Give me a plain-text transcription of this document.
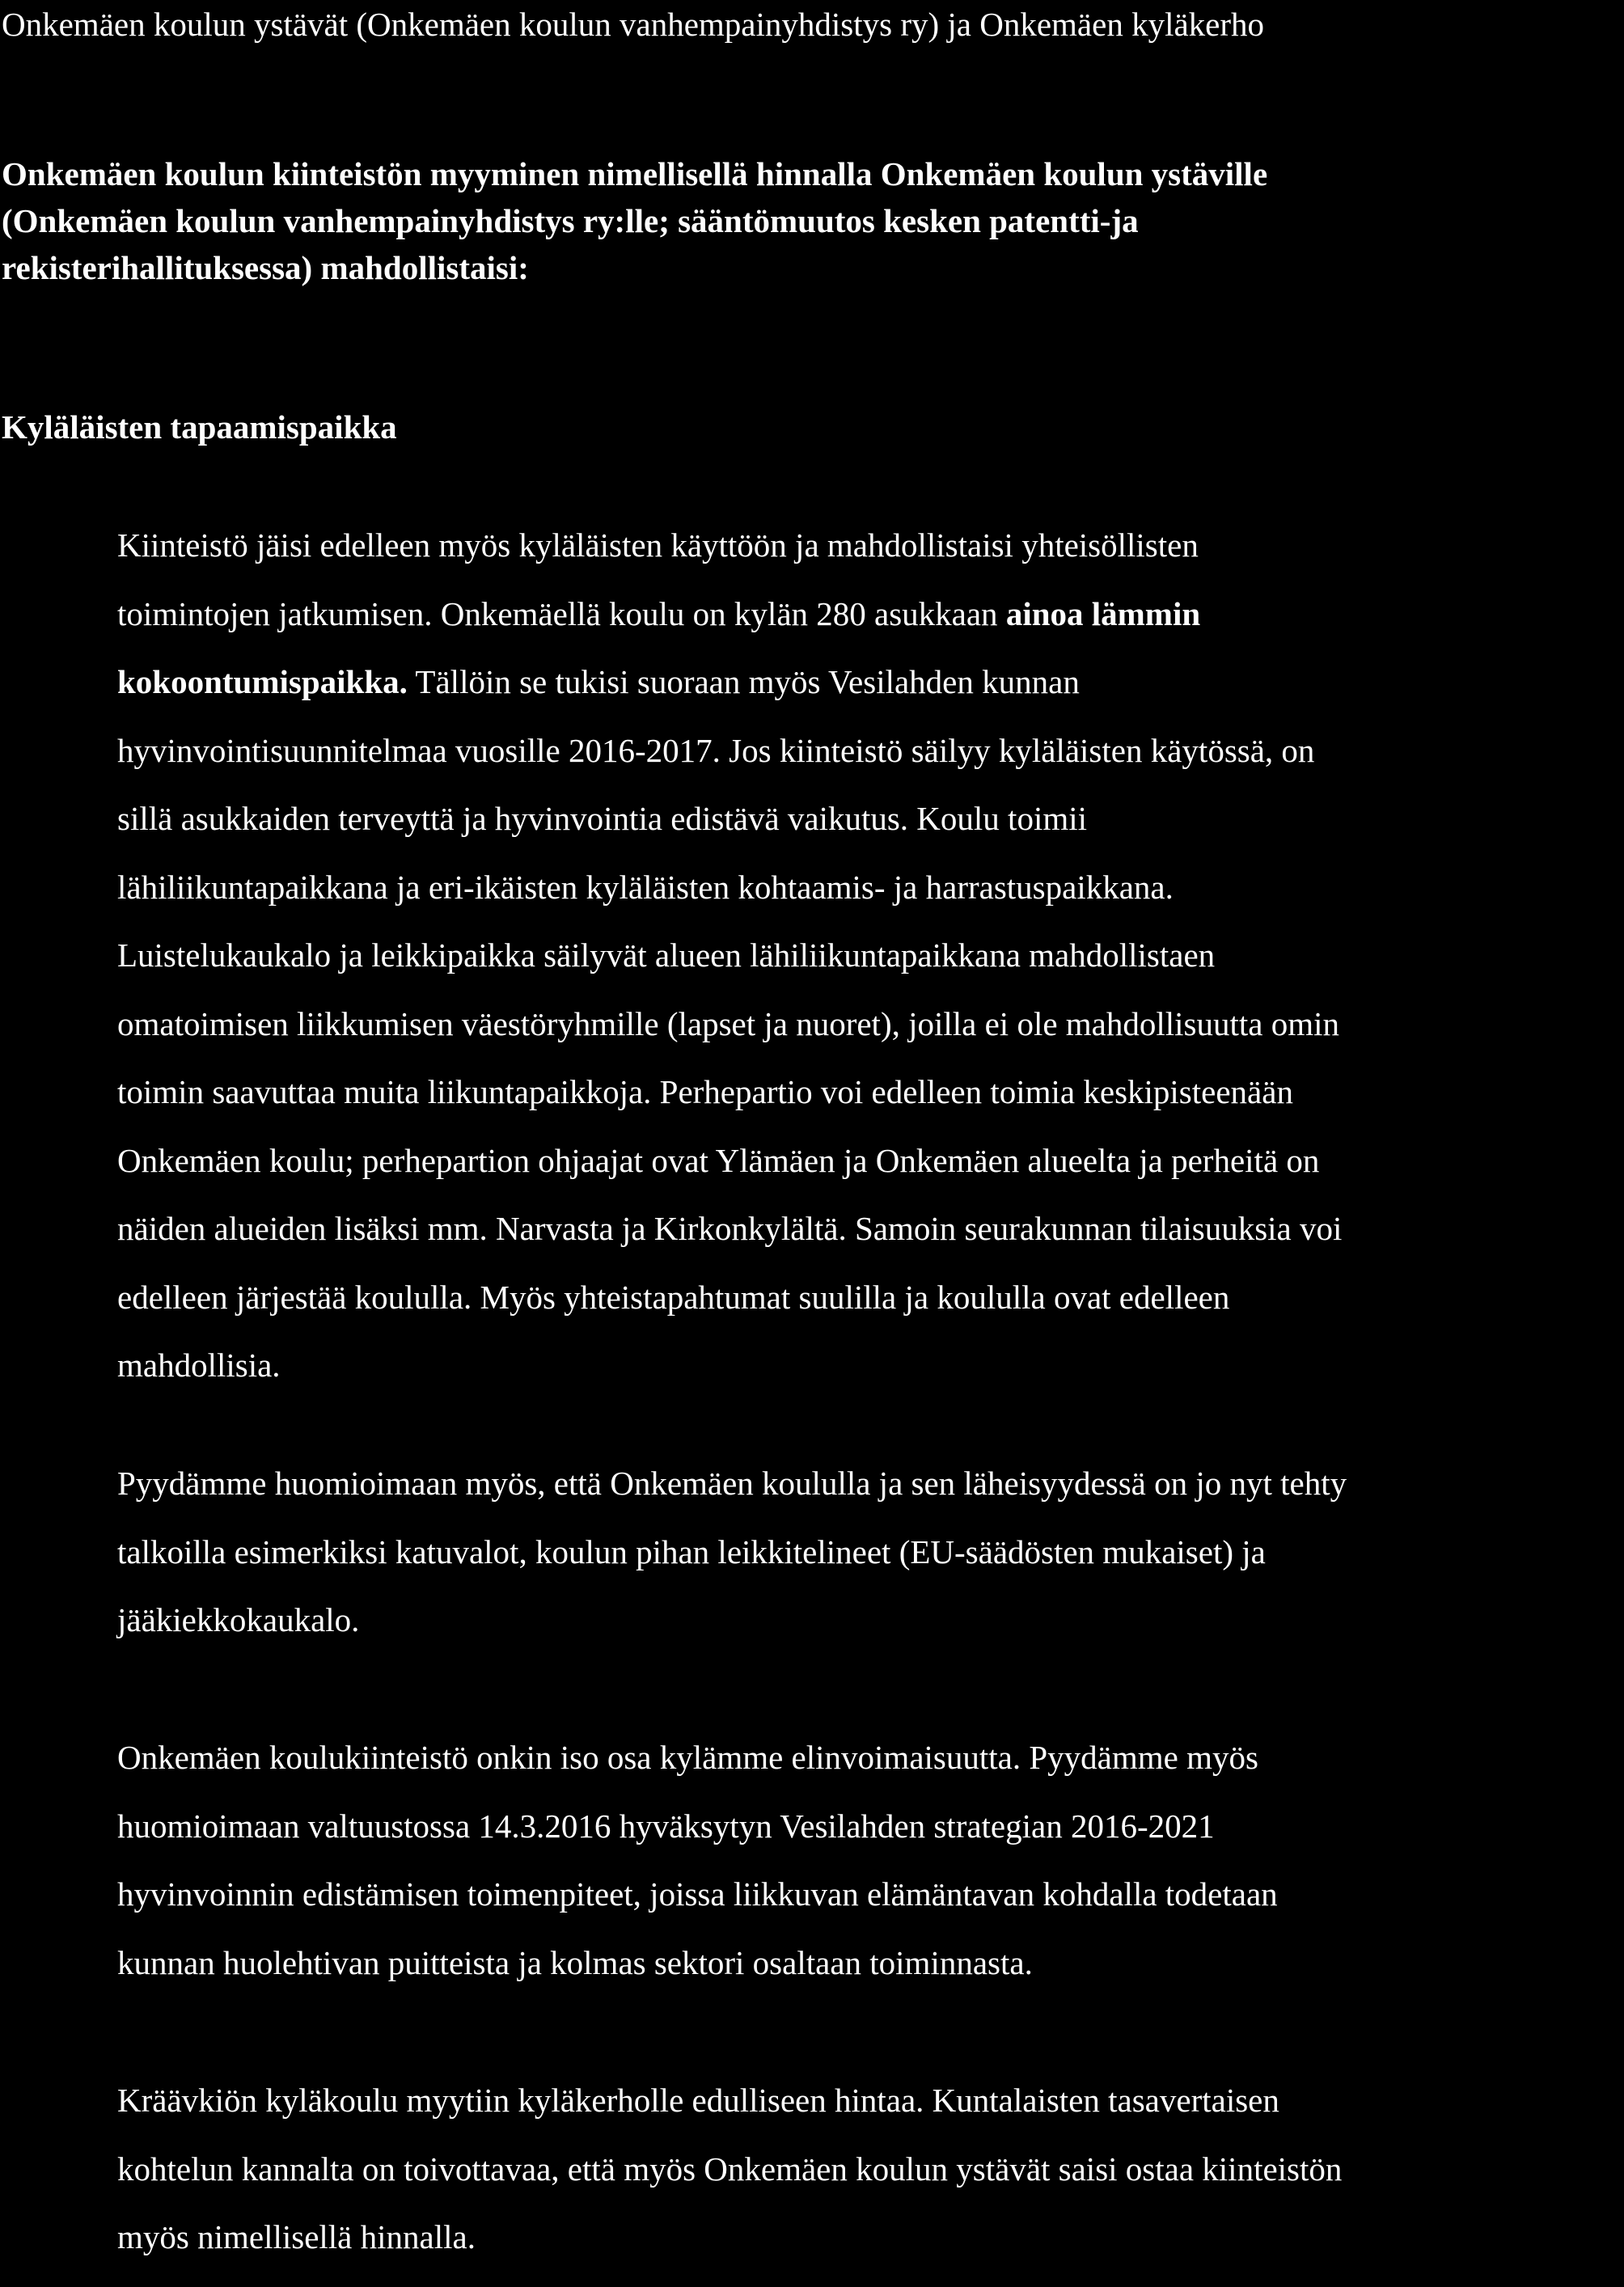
Onkemäen koulun ystävät (Onkemäen koulun vanhempainyhdistys ry) ja Onkemäen kyläkerho
Onkemäen koulun kiinteistön myyminen nimellisellä hinnalla Onkemäen koulun ystäville
(Onkemäen koulun vanhempainyhdistys ry:lle; sääntömuutos kesken patentti-ja
rekisterihallituksessa) mahdollistaisi:
Kyläläisten tapaamispaikka
Kiinteistö jäisi edelleen myös kyläläisten käyttöön ja mahdollistaisi yhteisöllisten
toimintojen jatkumisen. Onkemäellä koulu on kylän 280 asukkaan ainoa lämmin
kokoontumispaikka. Tällöin se tukisi suoraan myös Vesilahden kunnan
hyvinvointisuunnitelmaa vuosille 2016-2017. Jos kiinteistö säilyy kyläläisten käytössä, on
sillä asukkaiden terveyttä ja hyvinvointia edistävä vaikutus. Koulu toimii
lähiliikuntapaikkana ja eri-ikäisten kyläläisten kohtaamis- ja harrastuspaikkana.
Luistelukaukalo ja leikkipaikka säilyvät alueen lähiliikuntapaikkana mahdollistaen
omatoimisen liikkumisen väestöryhmille (lapset ja nuoret), joilla ei ole mahdollisuutta omin
toimin saavuttaa muita liikuntapaikkoja. Perhepartio voi edelleen toimia keskipisteenään
Onkemäen koulu; perhepartion ohjaajat ovat Ylämäen ja Onkemäen alueelta ja perheitä on
näiden alueiden lisäksi mm. Narvasta ja Kirkonkylältä. Samoin seurakunnan tilaisuuksia voi
edelleen järjestää koululla. Myös yhteistapahtumat suulilla ja koululla ovat edelleen
mahdollisia.
Pyydämme huomioimaan myös, että Onkemäen koululla ja sen läheisyydessä on jo nyt tehty
talkoilla esimerkiksi katuvalot, koulun pihan leikkitelineet (EU-säädösten mukaiset) ja
jääkiekkokaukalo.
Onkemäen koulukiinteistö onkin iso osa kylämme elinvoimaisuutta. Pyydämme myös
huomioimaan valtuustossa 14.3.2016 hyväksytyn Vesilahden strategian 2016-2021
hyvinvoinnin edistämisen toimenpiteet, joissa liikkuvan elämäntavan kohdalla todetaan
kunnan huolehtivan puitteista ja kolmas sektori osaltaan toiminnasta.
Kräävkiön kyläkoulu myytiin kyläkerholle edulliseen hintaa. Kuntalaisten tasavertaisen
kohtelun kannalta on toivottavaa, että myös Onkemäen koulun ystävät saisi ostaa kiinteistön
myös nimellisellä hinnalla.
